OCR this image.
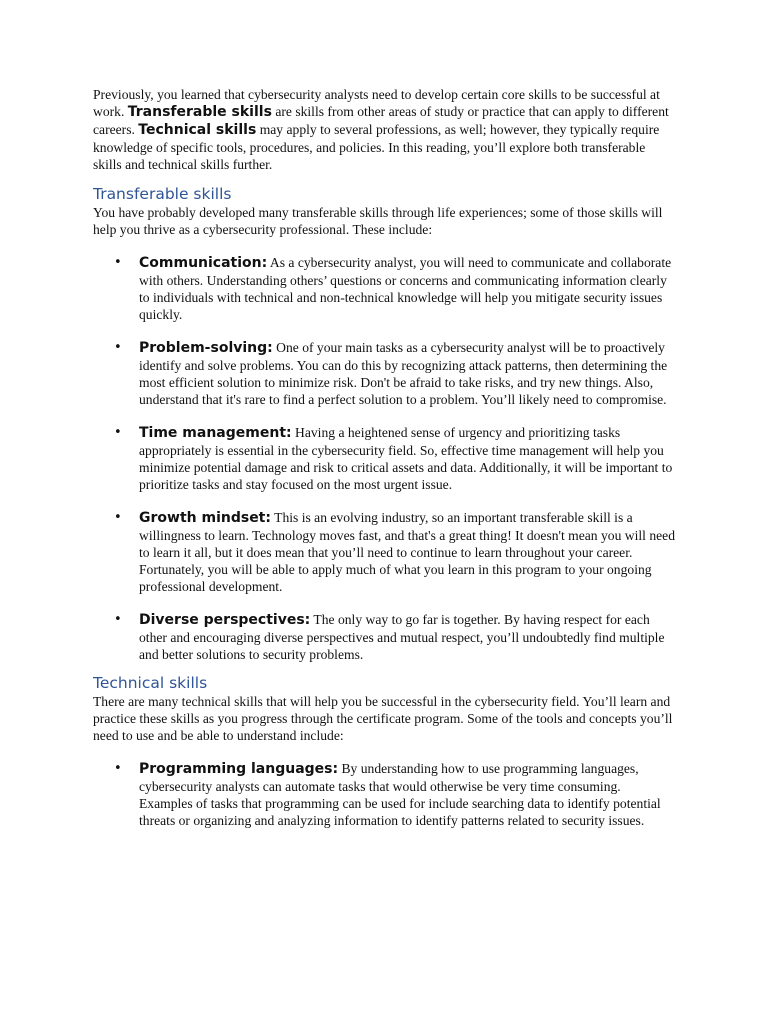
Previously, you learned that cybersecurity analysts need to develop certain core skills to be successful at work. Transferable skills are skills from other areas of study or practice that can apply to different careers. Technical skills may apply to several professions, as well; however, they typically require knowledge of specific tools, procedures, and policies. In this reading, you’ll explore both transferable skills and technical skills further.

Transferable skills

You have probably developed many transferable skills through life experiences; some of those skills will help you thrive as a cybersecurity professional. These include:

• Communication: As a cybersecurity analyst, you will need to communicate and collaborate with others. Understanding others’ questions or concerns and communicating information clearly to individuals with technical and non-technical knowledge will help you mitigate security issues quickly.
• Problem-solving: One of your main tasks as a cybersecurity analyst will be to proactively identify and solve problems. You can do this by recognizing attack patterns, then determining the most efficient solution to minimize risk. Don't be afraid to take risks, and try new things. Also, understand that it's rare to find a perfect solution to a problem. You’ll likely need to compromise.
• Time management: Having a heightened sense of urgency and prioritizing tasks appropriately is essential in the cybersecurity field. So, effective time management will help you minimize potential damage and risk to critical assets and data. Additionally, it will be important to prioritize tasks and stay focused on the most urgent issue.
• Growth mindset: This is an evolving industry, so an important transferable skill is a willingness to learn. Technology moves fast, and that's a great thing! It doesn't mean you will need to learn it all, but it does mean that you’ll need to continue to learn throughout your career. Fortunately, you will be able to apply much of what you learn in this program to your ongoing professional development.
• Diverse perspectives: The only way to go far is together. By having respect for each other and encouraging diverse perspectives and mutual respect, you’ll undoubtedly find multiple and better solutions to security problems.
Technical skills

There are many technical skills that will help you be successful in the cybersecurity field. You’ll learn and practice these skills as you progress through the certificate program. Some of the tools and concepts you’ll need to use and be able to understand include:

• Programming languages: By understanding how to use programming languages, cybersecurity analysts can automate tasks that would otherwise be very time consuming. Examples of tasks that programming can be used for include searching data to identify potential threats or organizing and analyzing information to identify patterns related to security issues.
